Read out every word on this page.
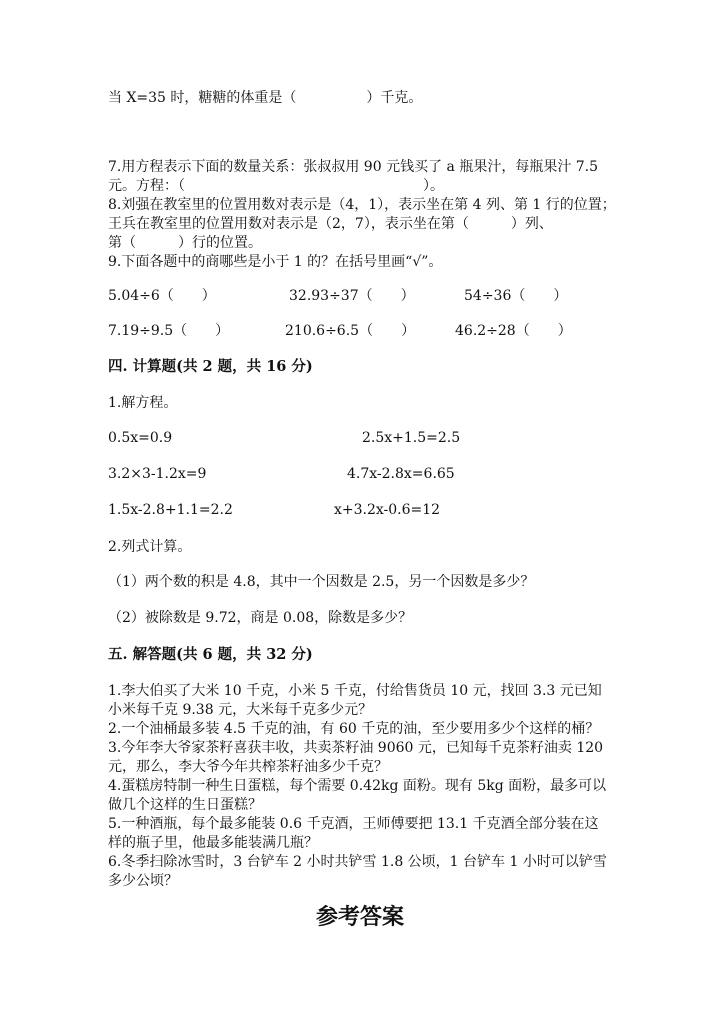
当 X=35 时，糖糖的体重是（　　　　　）千克。
7.用方程表示下面的数量关系：张叔叔用 90 元钱买了 a 瓶果汁，每瓶果汁 7.5
元。方程：（　　　　　　　　　　　　　　　　　）。
8.刘强在教室里的位置用数对表示是（4，1），表示坐在第 4 列、第 1 行的位置；
王兵在教室里的位置用数对表示是（2，7），表示坐在第（　　　）列、
第（　　　）行的位置。
9.下面各题中的商哪些是小于 1 的？在括号里画“√”。
5.04÷6（　　）	32.93÷37（　　）	54÷36（　　）
7.19÷9.5（　　）	210.6÷6.5（　　）	46.2÷28（　　）
四. 计算题(共 2 题，共 16 分)
1.解方程。
0.5x=0.9	2.5x+1.5=2.5
3.2×3-1.2x=9	4.7x-2.8x=6.65
1.5x-2.8+1.1=2.2	x+3.2x-0.6=12
2.列式计算。
（1）两个数的积是 4.8，其中一个因数是 2.5，另一个因数是多少？
（2）被除数是 9.72，商是 0.08，除数是多少？
五. 解答题(共 6 题，共 32 分)
1.李大伯买了大米 10 千克，小米 5 千克，付给售货员 10 元，找回 3.3 元已知
小米每千克 9.38 元，大米每千克多少元？
2.一个油桶最多装 4.5 千克的油，有 60 千克的油，至少要用多少个这样的桶？
3.今年李大爷家茶籽喜获丰收，共卖茶籽油 9060 元，已知每千克茶籽油卖 120
元，那么，李大爷今年共榨茶籽油多少千克？
4.蛋糕房特制一种生日蛋糕，每个需要 0.42kg 面粉。现有 5kg 面粉，最多可以
做几个这样的生日蛋糕？
5.一种酒瓶，每个最多能装 0.6 千克酒，王师傅要把 13.1 千克酒全部分装在这
样的瓶子里，他最多能装满几瓶？
6.冬季扫除冰雪时，3 台铲车 2 小时共铲雪 1.8 公顷，1 台铲车 1 小时可以铲雪
多少公顷？
参考答案
